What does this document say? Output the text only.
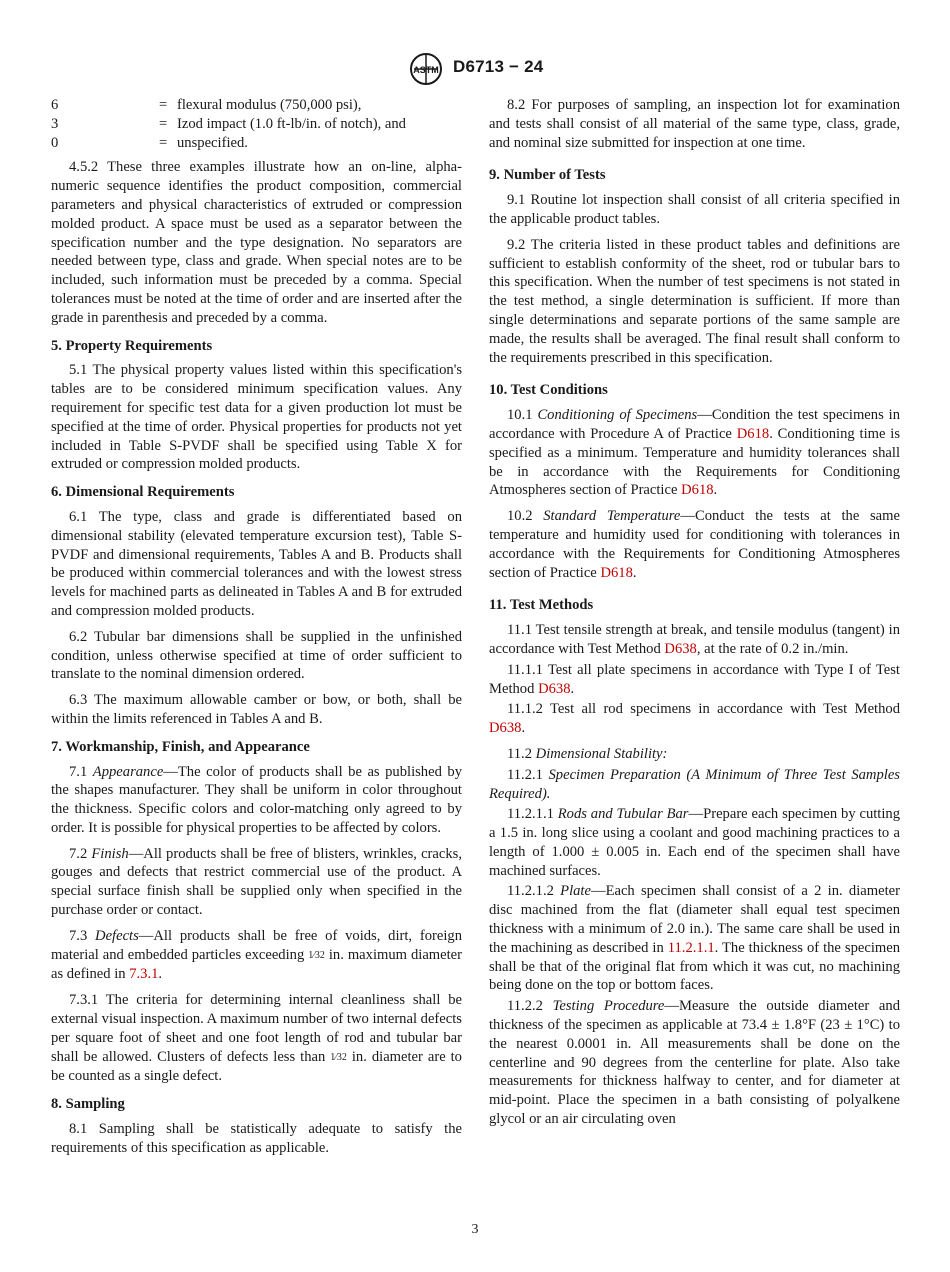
ASTM D6713 − 24
6	= flexural modulus (750,000 psi),
3	= Izod impact (1.0 ft-lb/in. of notch), and
0	= unspecified.

4.5.2 These three examples illustrate how an on-line, alpha-numeric sequence identifies the product composition, commercial parameters and physical characteristics of extruded or compression molded product. A space must be used as a separator between the specification number and the type designation. No separators are needed between type, class and grade. When special notes are to be included, such information must be preceded by a comma. Special tolerances must be noted at the time of order and are inserted after the grade in parenthesis and preceded by a comma.

5. Property Requirements

5.1 The physical property values listed within this specification's tables are to be considered minimum specification values. Any requirement for specific test data for a given production lot must be specified at the time of order. Physical properties for products not yet included in Table S-PVDF shall be specified using Table X for extruded or compression molded products.

6. Dimensional Requirements

6.1 The type, class and grade is differentiated based on dimensional stability (elevated temperature excursion test), Table S-PVDF and dimensional requirements, Tables A and B. Products shall be produced within commercial tolerances and with the lowest stress levels for machined parts as delineated in Tables A and B for extruded and compression molded products.

6.2 Tubular bar dimensions shall be supplied in the unfinished condition, unless otherwise specified at time of order sufficient to translate to the nominal dimension ordered.

6.3 The maximum allowable camber or bow, or both, shall be within the limits referenced in Tables A and B.

7. Workmanship, Finish, and Appearance

7.1 Appearance—The color of products shall be as published by the shapes manufacturer. They shall be uniform in color throughout the thickness. Specific colors and color-matching only agreed to by order. It is possible for physical properties to be affected by colors.

7.2 Finish—All products shall be free of blisters, wrinkles, cracks, gouges and defects that restrict commercial use of the product. A special surface finish shall be supplied only when specified in the purchase order or contact.

7.3 Defects—All products shall be free of voids, dirt, foreign material and embedded particles exceeding 1⁄32 in. maximum diameter as defined in 7.3.1.

7.3.1 The criteria for determining internal cleanliness shall be external visual inspection. A maximum number of two internal defects per square foot of sheet and one foot length of rod and tubular bar shall be allowed. Clusters of defects less than 1⁄32 in. diameter are to be counted as a single defect.

8. Sampling

8.1 Sampling shall be statistically adequate to satisfy the requirements of this specification as applicable.

8.2 For purposes of sampling, an inspection lot for examination and tests shall consist of all material of the same type, class, grade, and nominal size submitted for inspection at one time.

9. Number of Tests

9.1 Routine lot inspection shall consist of all criteria specified in the applicable product tables.

9.2 The criteria listed in these product tables and definitions are sufficient to establish conformity of the sheet, rod or tubular bars to this specification. When the number of test specimens is not stated in the test method, a single determination is sufficient. If more than single determinations and separate portions of the same sample are made, the results shall be averaged. The final result shall conform to the requirements prescribed in this specification.

10. Test Conditions

10.1 Conditioning of Specimens—Condition the test specimens in accordance with Procedure A of Practice D618. Conditioning time is specified as a minimum. Temperature and humidity tolerances shall be in accordance with the Requirements for Conditioning Atmospheres section of Practice D618.

10.2 Standard Temperature—Conduct the tests at the same temperature and humidity used for conditioning with tolerances in accordance with the Requirements for Conditioning Atmospheres section of Practice D618.

11. Test Methods

11.1 Test tensile strength at break, and tensile modulus (tangent) in accordance with Test Method D638, at the rate of 0.2 in./min.

11.1.1 Test all plate specimens in accordance with Type I of Test Method D638.

11.1.2 Test all rod specimens in accordance with Test Method D638.

11.2 Dimensional Stability:

11.2.1 Specimen Preparation (A Minimum of Three Test Samples Required).

11.2.1.1 Rods and Tubular Bar—Prepare each specimen by cutting a 1.5 in. long slice using a coolant and good machining practices to a length of 1.000 ± 0.005 in. Each end of the specimen shall have machined surfaces.

11.2.1.2 Plate—Each specimen shall consist of a 2 in. diameter disc machined from the flat (diameter shall equal test specimen thickness with a minimum of 2.0 in.). The same care shall be used in the machining as described in 11.2.1.1. The thickness of the specimen shall be that of the original flat from which it was cut, no machining being done on the top or bottom faces.

11.2.2 Testing Procedure—Measure the outside diameter and thickness of the specimen as applicable at 73.4 ± 1.8°F (23 ± 1°C) to the nearest 0.0001 in. All measurements shall be done on the centerline and 90 degrees from the centerline for plate. Also take measurements for thickness halfway to center, and for diameter at mid-point. Place the specimen in a bath consisting of polyalkene glycol or an air circulating oven

3
